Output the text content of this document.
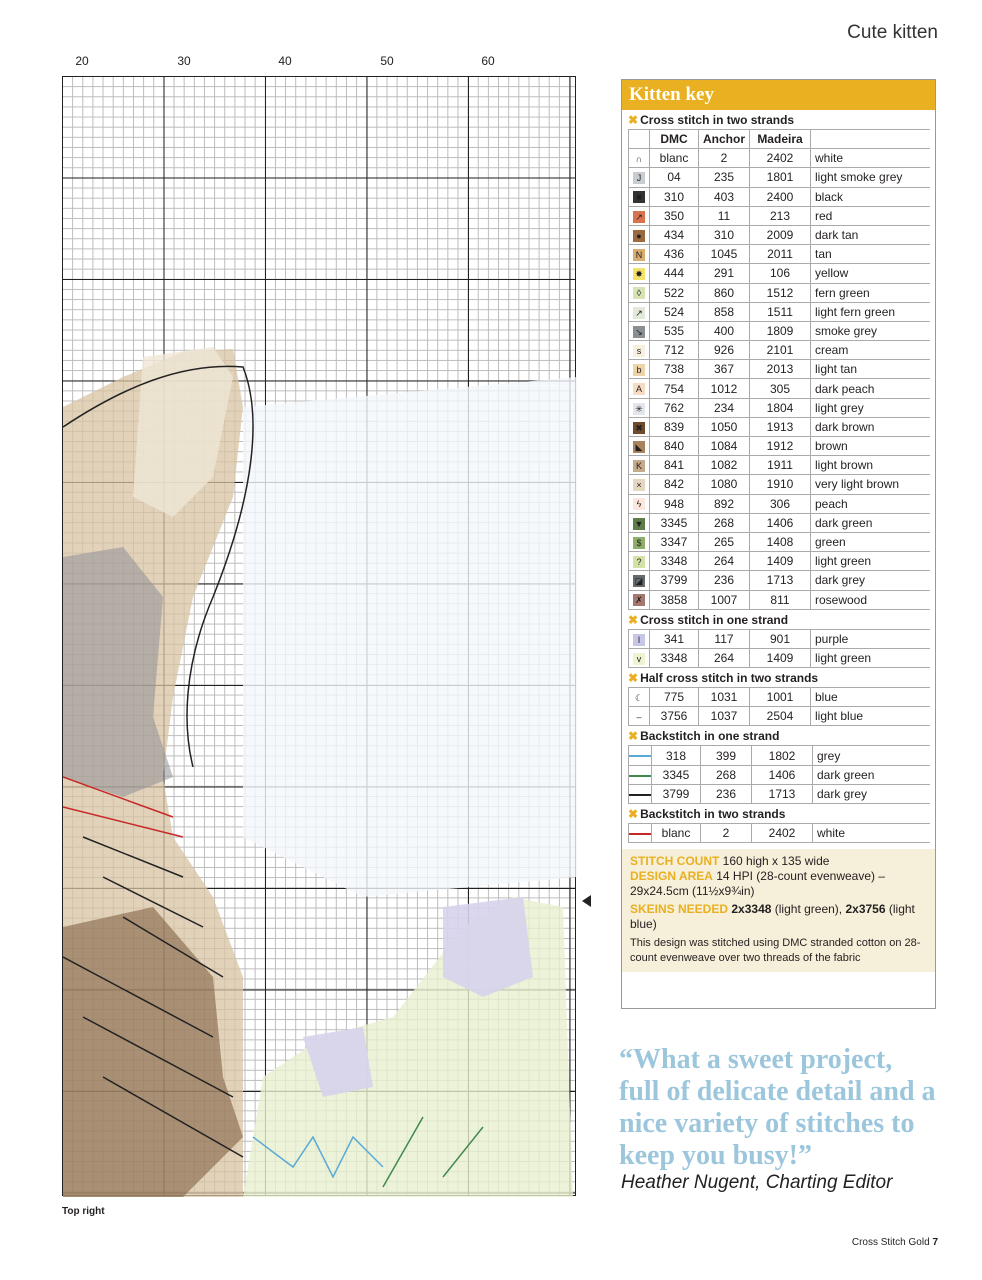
Cute kitten
20	30	40	50	60
Top right
Kitten key
✖ Cross stitch in two strands
	DMC	Anchor	Madeira	
∩	blanc	2	2402	white
J	04	235	1801	light smoke grey
■	310	403	2400	black
↗	350	11	213	red
●	434	310	2009	dark tan
N	436	1045	2011	tan
✸	444	291	106	yellow
◊	522	860	1512	fern green
↗	524	858	1511	light fern green
↘	535	400	1809	smoke grey
s	712	926	2101	cream
b	738	367	2013	light tan
A	754	1012	305	dark peach
✳	762	234	1804	light grey
✖	839	1050	1913	dark brown
◣	840	1084	1912	brown
K	841	1082	1911	light brown
×	842	1080	1910	very light brown
ϟ	948	892	306	peach
▼	3345	268	1406	dark green
$	3347	265	1408	green
?	3348	264	1409	light green
◪	3799	236	1713	dark grey
✗	3858	1007	811	rosewood
✖ Cross stitch in one strand
I	341	117	901	purple
v	3348	264	1409	light green
✖ Half cross stitch in two strands
☾	775	1031	1001	blue
–	3756	1037	2504	light blue
✖ Backstitch in one strand
	318	399	1802	grey
	3345	268	1406	dark green
	3799	236	1713	dark grey
✖ Backstitch in two strands
	blanc	2	2402	white
STITCH COUNT 160 high x 135 wide
DESIGN AREA 14 HPI (28-count evenweave) – 29x24.5cm (11½x9¾in)
SKEINS NEEDED 2x3348 (light green), 2x3756 (light blue)
This design was stitched using DMC stranded cotton on 28-count evenweave over two threads of the fabric
“What a sweet project, full of delicate detail and a nice variety of stitches to keep you busy!”
Heather Nugent, Charting Editor
Cross Stitch Gold 7
